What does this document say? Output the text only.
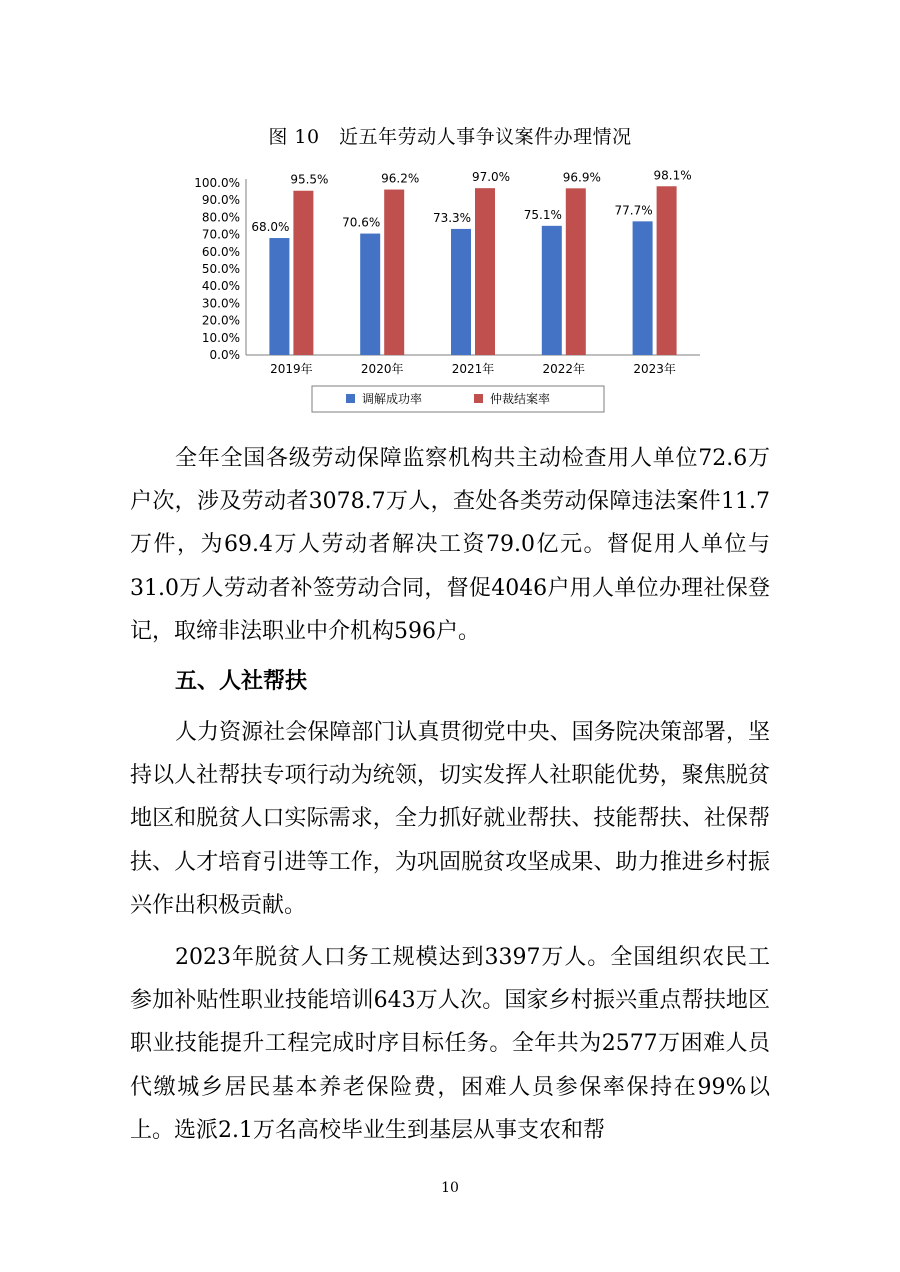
图 10　近五年劳动人事争议案件办理情况
0.0%
10.0%
20.0%
30.0%
40.0%
50.0%
60.0%
70.0%
80.0%
90.0%
100.0%
68.0%
95.5%
2019年
70.6%
96.2%
2020年
73.3%
97.0%
2021年
75.1%
96.9%
2022年
77.7%
98.1%
2023年
调解成功率	仲裁结案率

全年全国各级劳动保障监察机构共主动检查用人单位72.6万户次，涉及劳动者3078.7万人，查处各类劳动保障违法案件11.7万件，为69.4万人劳动者解决工资79.0亿元。督促用人单位与31.0万人劳动者补签劳动合同，督促4046户用人单位办理社保登记，取缔非法职业中介机构596户。

五、人社帮扶

人力资源社会保障部门认真贯彻党中央、国务院决策部署，坚持以人社帮扶专项行动为统领，切实发挥人社职能优势，聚焦脱贫地区和脱贫人口实际需求，全力抓好就业帮扶、技能帮扶、社保帮扶、人才培育引进等工作，为巩固脱贫攻坚成果、助力推进乡村振兴作出积极贡献。

2023年脱贫人口务工规模达到3397万人。全国组织农民工参加补贴性职业技能培训643万人次。国家乡村振兴重点帮扶地区职业技能提升工程完成时序目标任务。全年共为2577万困难人员代缴城乡居民基本养老保险费，困难人员参保率保持在99%以上。选派2.1万名高校毕业生到基层从事支农和帮

10
